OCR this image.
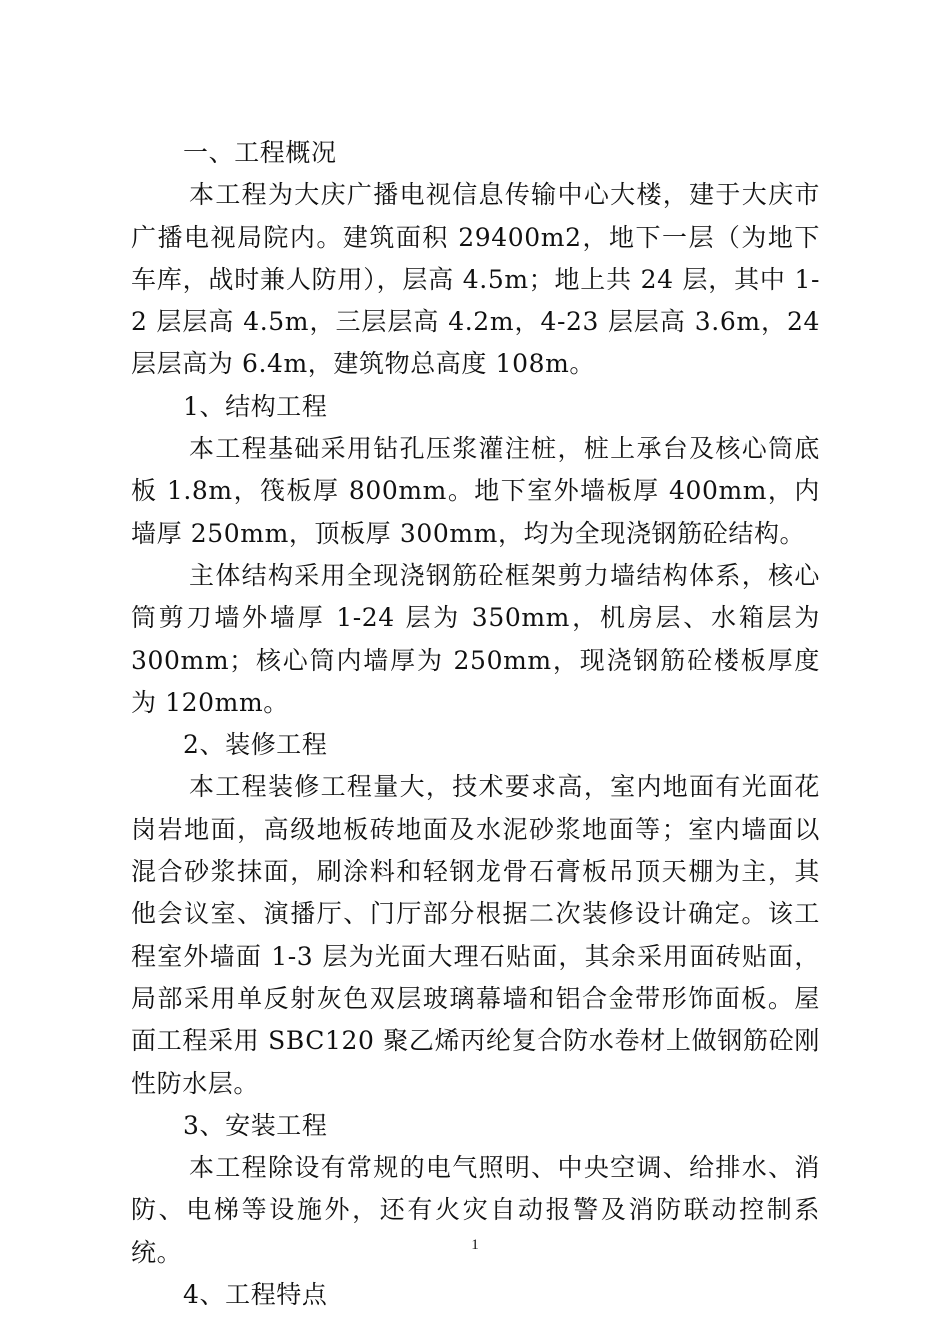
一、工程概况

本工程为大庆广播电视信息传输中心大楼，建于大庆市广播电视局院内。建筑面积 29400m2，地下一层（为地下车库，战时兼人防用），层高 4.5m；地上共 24 层，其中 1-2 层层高 4.5m，三层层高 4.2m，4-23 层层高 3.6m，24 层层高为 6.4m，建筑物总高度 108m。

1、结构工程

本工程基础采用钻孔压浆灌注桩，桩上承台及核心筒底板 1.8m，筏板厚 800mm。地下室外墙板厚 400mm，内墙厚 250mm，顶板厚 300mm，均为全现浇钢筋砼结构。

主体结构采用全现浇钢筋砼框架剪力墙结构体系，核心筒剪刀墙外墙厚 1-24 层为 350mm，机房层、水箱层为 300mm；核心筒内墙厚为 250mm，现浇钢筋砼楼板厚度为 120mm。

2、装修工程

本工程装修工程量大，技术要求高，室内地面有光面花岗岩地面，高级地板砖地面及水泥砂浆地面等；室内墙面以混合砂浆抹面，刷涂料和轻钢龙骨石膏板吊顶天棚为主，其他会议室、演播厅、门厅部分根据二次装修设计确定。该工程室外墙面 1-3 层为光面大理石贴面，其余采用面砖贴面，局部采用单反射灰色双层玻璃幕墙和铝合金带形饰面板。屋面工程采用 SBC120 聚乙烯丙纶复合防水卷材上做钢筋砼刚性防水层。

3、安装工程

本工程除设有常规的电气照明、中央空调、给排水、消防、电梯等设施外，还有火灾自动报警及消防联动控制系统。

4、工程特点

1
